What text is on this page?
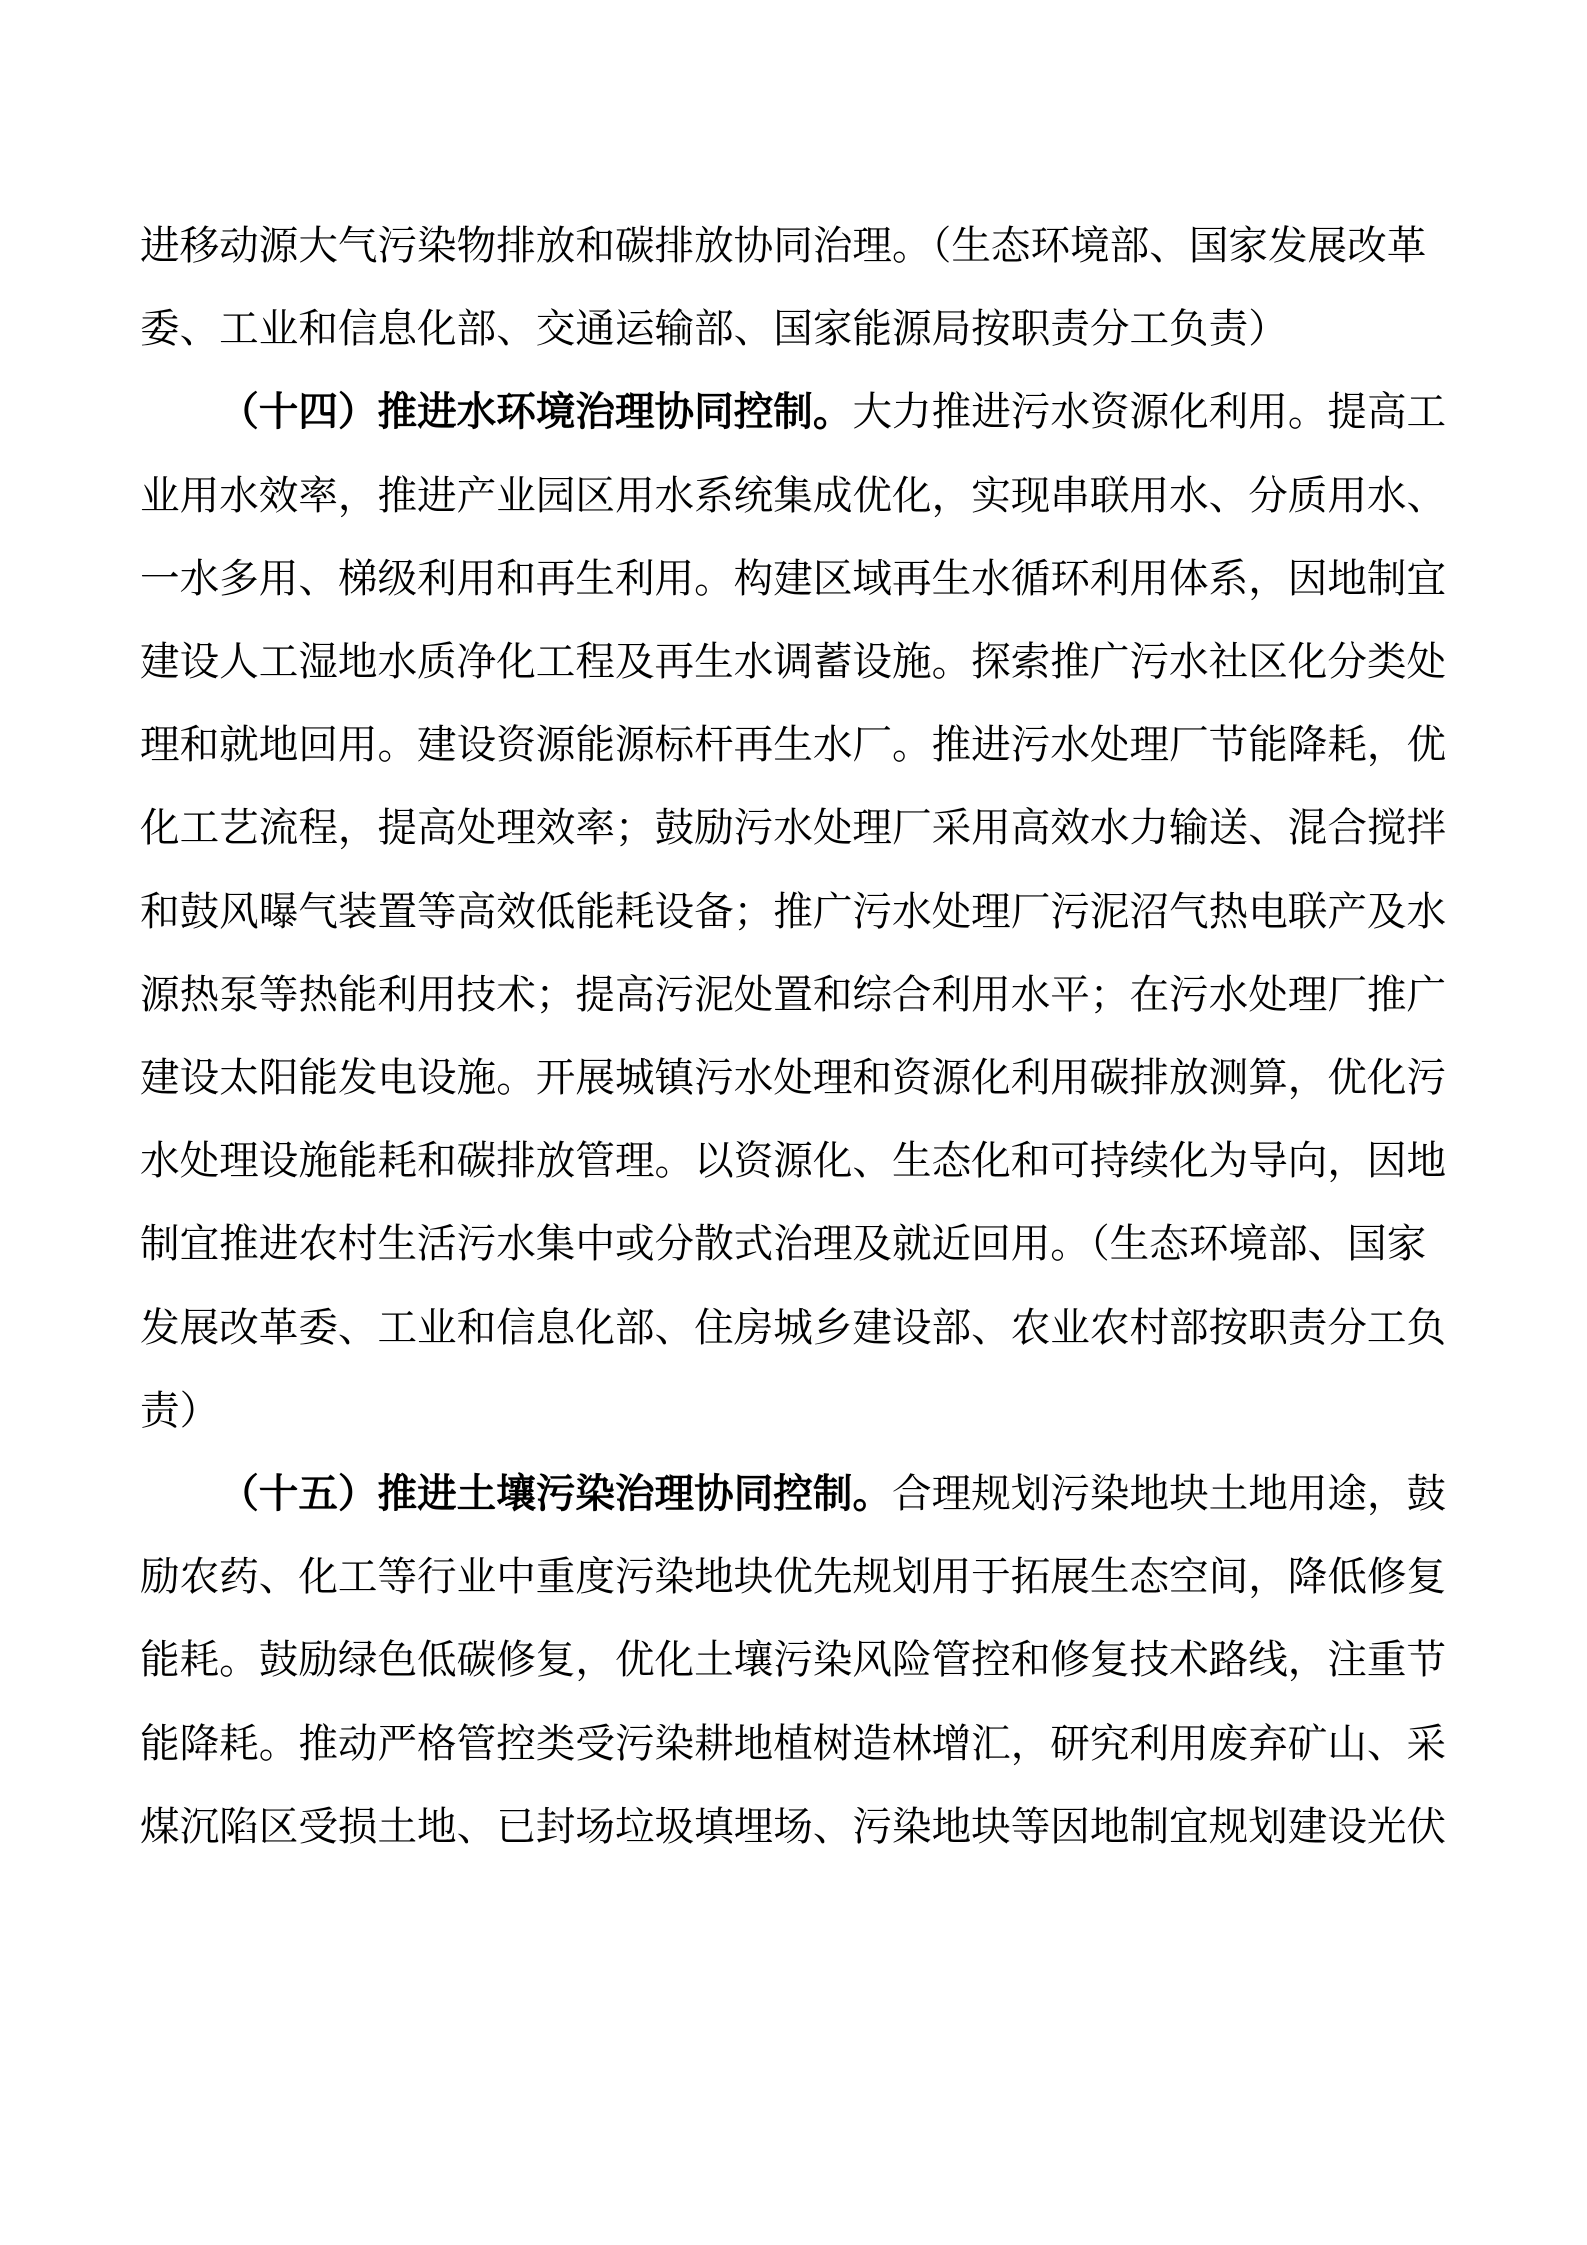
进移动源大气污染物排放和碳排放协同治理。（生态环境部、国家发展改革
委、工业和信息化部、交通运输部、国家能源局按职责分工负责）
（十四）推进水环境治理协同控制。大力推进污水资源化利用。提高工
业用水效率，推进产业园区用水系统集成优化，实现串联用水、分质用水、
一水多用、梯级利用和再生利用。构建区域再生水循环利用体系，因地制宜
建设人工湿地水质净化工程及再生水调蓄设施。探索推广污水社区化分类处
理和就地回用。建设资源能源标杆再生水厂。推进污水处理厂节能降耗，优
化工艺流程，提高处理效率；鼓励污水处理厂采用高效水力输送、混合搅拌
和鼓风曝气装置等高效低能耗设备；推广污水处理厂污泥沼气热电联产及水
源热泵等热能利用技术；提高污泥处置和综合利用水平；在污水处理厂推广
建设太阳能发电设施。开展城镇污水处理和资源化利用碳排放测算，优化污
水处理设施能耗和碳排放管理。以资源化、生态化和可持续化为导向，因地
制宜推进农村生活污水集中或分散式治理及就近回用。（生态环境部、国家
发展改革委、工业和信息化部、住房城乡建设部、农业农村部按职责分工负
责）
（十五）推进土壤污染治理协同控制。合理规划污染地块土地用途，鼓
励农药、化工等行业中重度污染地块优先规划用于拓展生态空间，降低修复
能耗。鼓励绿色低碳修复，优化土壤污染风险管控和修复技术路线，注重节
能降耗。推动严格管控类受污染耕地植树造林增汇，研究利用废弃矿山、采
煤沉陷区受损土地、已封场垃圾填埋场、污染地块等因地制宜规划建设光伏
